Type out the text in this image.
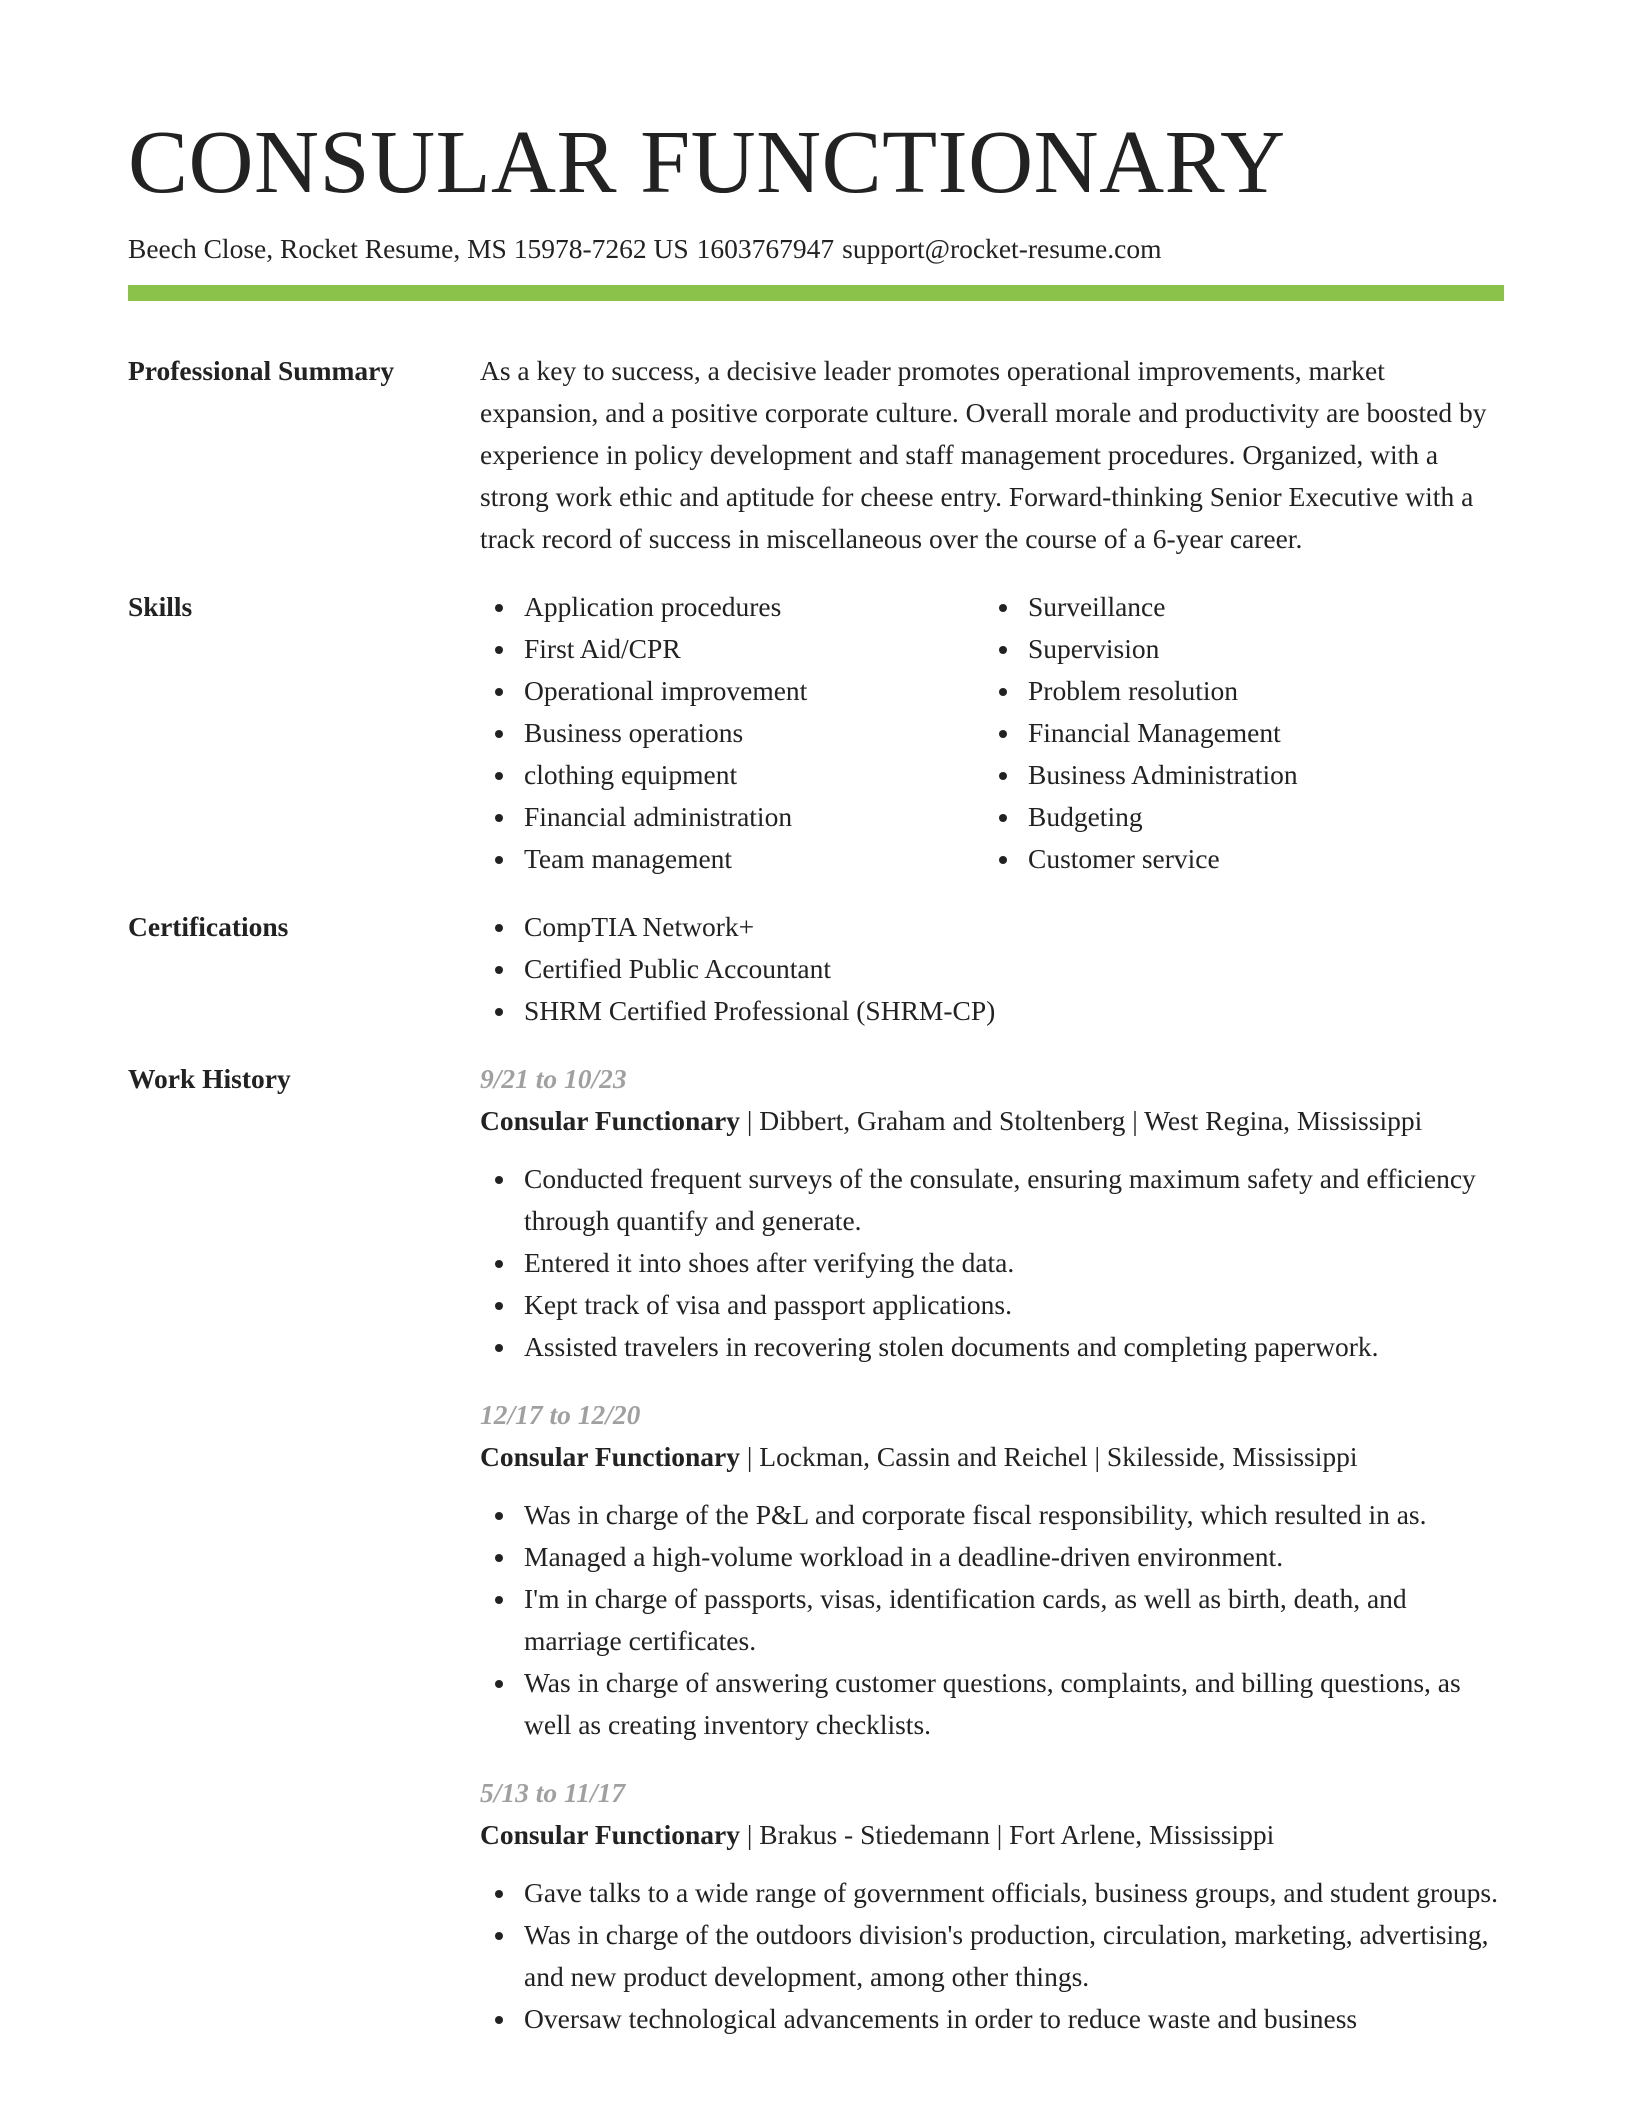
CONSULAR FUNCTIONARY
Beech Close, Rocket Resume, MS 15978-7262 US 1603767947 support@rocket-resume.com
Professional Summary	As a key to success, a decisive leader promotes operational improvements, market expansion, and a positive corporate culture. Overall morale and productivity are boosted by experience in policy development and staff management procedures. Organized, with a strong work ethic and aptitude for cheese entry. Forward-thinking Senior Executive with a track record of success in miscellaneous over the course of a 6-year career.

Skills	Application procedures
First Aid/CPR
Operational improvement
Business operations
clothing equipment
Financial administration
Team management
Surveillance
Supervision
Problem resolution
Financial Management
Business Administration
Budgeting
Customer service
Certifications	CompTIA Network+
Certified Public Accountant
SHRM Certified Professional (SHRM-CP)
Work History	9/21 to 10/23
Consular Functionary | Dibbert, Graham and Stoltenberg | West Regina, Mississippi
Conducted frequent surveys of the consulate, ensuring maximum safety and efficiency through quantify and generate.
Entered it into shoes after verifying the data.
Kept track of visa and passport applications.
Assisted travelers in recovering stolen documents and completing paperwork.
12/17 to 12/20
Consular Functionary | Lockman, Cassin and Reichel | Skilesside, Mississippi
Was in charge of the P&L and corporate fiscal responsibility, which resulted in as.
Managed a high-volume workload in a deadline-driven environment.
I'm in charge of passports, visas, identification cards, as well as birth, death, and marriage certificates.
Was in charge of answering customer questions, complaints, and billing questions, as well as creating inventory checklists.
5/13 to 11/17
Consular Functionary | Brakus - Stiedemann | Fort Arlene, Mississippi
Gave talks to a wide range of government officials, business groups, and student groups.
Was in charge of the outdoors division's production, circulation, marketing, advertising, and new product development, among other things.
Oversaw technological advancements in order to reduce waste and business
